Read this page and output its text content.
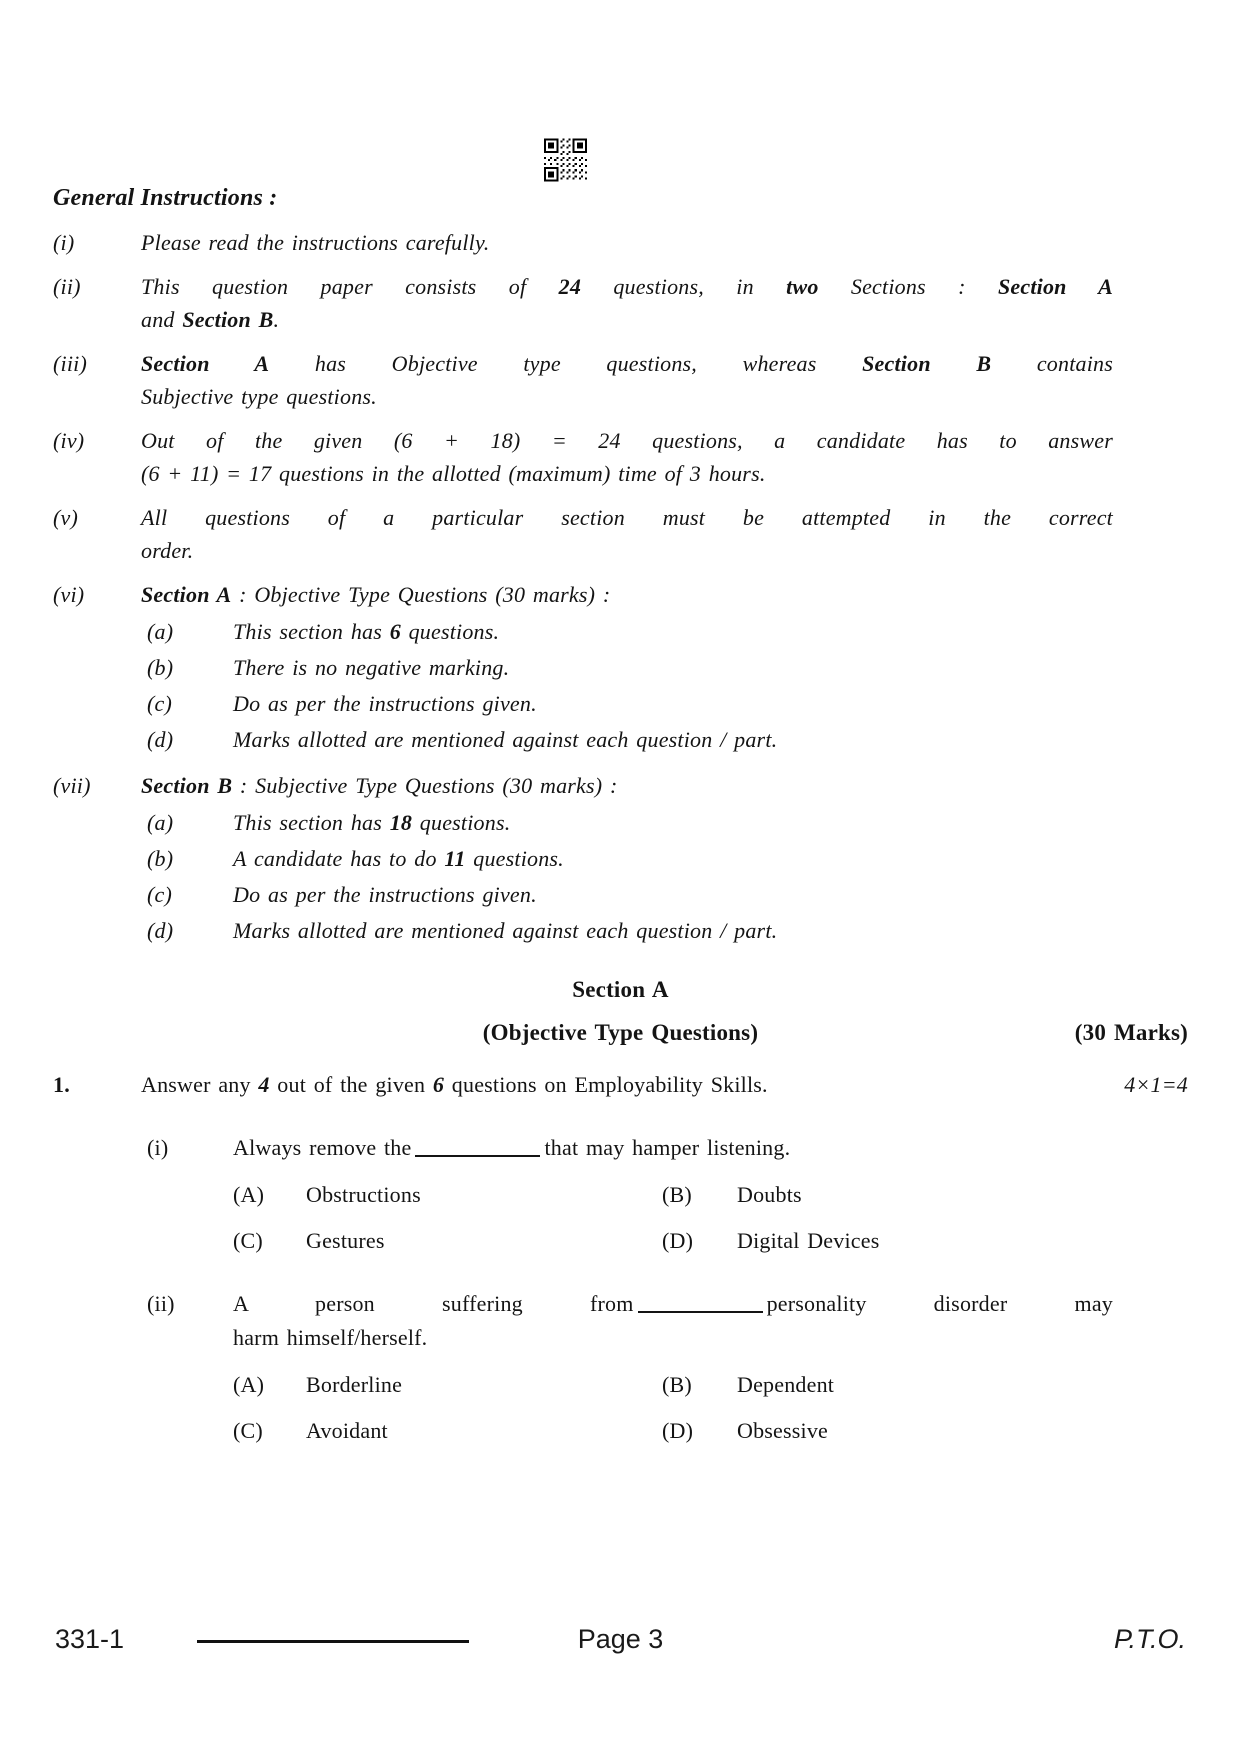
General Instructions :
(i)	Please read the instructions carefully.
(ii)	This question paper consists of 24 questions, in two Sections : Section A
and Section B.
(iii)	Section A has Objective type questions, whereas Section B contains
Subjective type questions.
(iv)	Out of the given (6 + 18) = 24 questions, a candidate has to answer
(6 + 11) = 17 questions in the allotted (maximum) time of 3 hours.
(v)	All questions of a particular section must be attempted in the correct
order.
(vi)	Section A : Objective Type Questions (30 marks) :
(a)	This section has 6 questions.
(b)	There is no negative marking.
(c)	Do as per the instructions given.
(d)	Marks allotted are mentioned against each question / part.
(vii)	Section B : Subjective Type Questions (30 marks) :
(a)	This section has 18 questions.
(b)	A candidate has to do 11 questions.
(c)	Do as per the instructions given.
(d)	Marks allotted are mentioned against each question / part.
Section A
(Objective Type Questions)	(30 Marks)
1.	Answer any 4 out of the given 6 questions on Employability Skills.	4×1=4
(i)	Always remove the	that may hamper listening.
(A)	Obstructions	(B)	Doubts
(C)	Gestures	(D)	Digital Devices
(ii)	A person suffering from	personality disorder may
harm himself/herself.
(A)	Borderline	(B)	Dependent
(C)	Avoidant	(D)	Obsessive
331-1	Page 3	P.T.O.
